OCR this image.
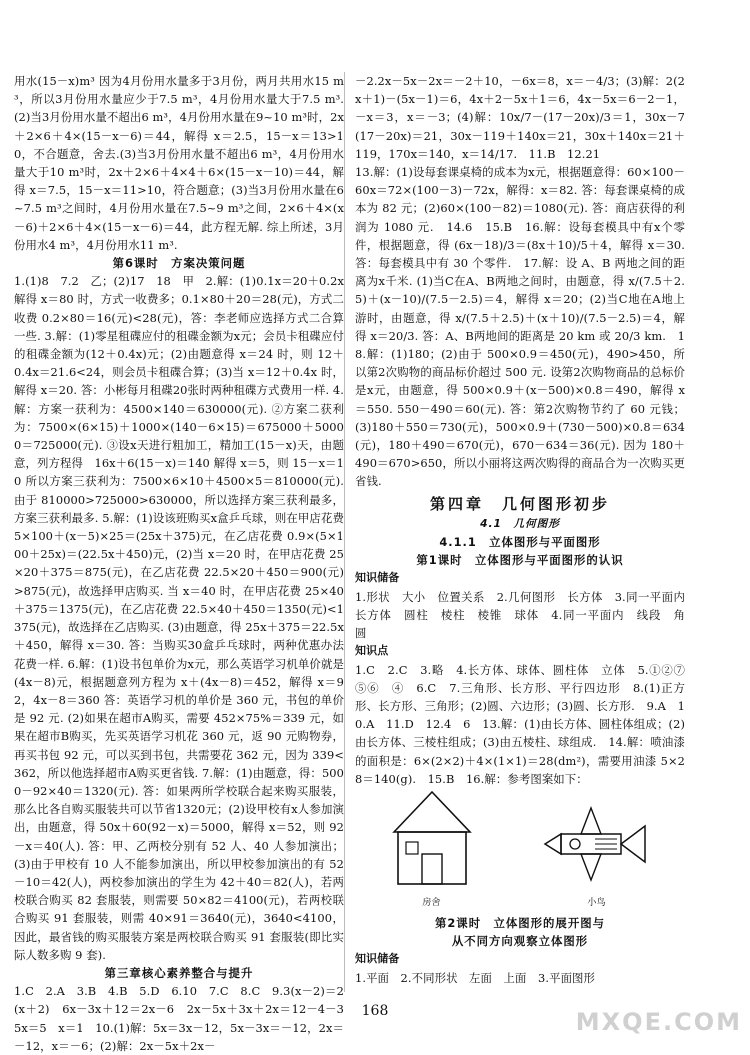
用水(15－x)m³ 因为4月份用水量多于3月份，两月共用水15 m³，所以3月份用水量应少于7.5 m³，4月份用水量大于7.5 m³.(2)当3月份用水量不超出6 m³，4月份用水量在9~10 m³时，2x＋2×6＋4×(15－x－6)＝44，解得 x＝2.5，15－x＝13>10，不合题意，舍去.(3)当3月份用水量不超出6 m³，4月份用水量大于10 m³时，2x＋2×6＋4×4＋6×(15－x－10)＝44，解得 x＝7.5，15－x＝11>10，符合题意；(3)当3月份用水量在6~7.5 m³之间时，4月份用水量在7.5~9 m³之间，2×6＋4×(x－6)＋2×6＋4×(15－x－6)＝44，此方程无解. 综上所述，3月份用水4 m³，4月份用水11 m³.

第6课时　方案决策问题

1.(1)8　7.2　乙；(2)17　18　甲　2.解：(1)0.1x＝20＋0.2x解得 x＝80 时，方式一收费多；0.1×80＋20＝28(元)，方式二收费 0.2×80＝16(元)<28(元)，答：李老师应选择方式二合算一些. 3.解：(1)零星租碟应付的租碟金额为x元；会员卡租碟应付的租碟金额为(12＋0.4x)元；(2)由题意得 x＝24 时，则 12＋0.4x＝21.6<24，则会员卡租碟合算；(3)当 x＝12＋0.4x 时，解得 x＝20. 答：小彬每月租碟20张时两种租碟方式费用一样. 4.解：方案一获利为：4500×140＝630000(元). ②方案二获利为：7500×(6×15)＋1000×(140－6×15)＝675000＋50000＝725000(元). ③设x天进行粗加工，精加工(15－x)天，由题意，列方程得　16x＋6(15－x)＝140 解得 x＝5，则 15－x＝10 所以方案三获利为：7500×6×10＋4500×5＝810000(元). 由于 810000>725000>630000，所以选择方案三获利最多，方案三获利最多. 5.解：(1)设该班购买x盒乒乓球，则在甲店花费 5×100＋(x－5)×25＝(25x＋375)元，在乙店花费 0.9×(5×100＋25x)＝(22.5x＋450)元，(2)当 x＝20 时，在甲店花费 25×20＋375＝875(元)，在乙店花费 22.5×20＋450＝900(元)>875(元)，故选择甲店购买. 当 x＝40 时，在甲店花费 25×40＋375＝1375(元)，在乙店花费 22.5×40＋450＝1350(元)<1375(元)，故选择在乙店购买. (3)由题意，得 25x＋375＝22.5x＋450，解得 x＝30. 答：当购买30盒乒乓球时，两种优惠办法花费一样. 6.解：(1)设书包单价为x元，那么英语学习机单价就是(4x－8)元，根据题意列方程为 x＋(4x－8)＝452，解得 x＝92，4x－8＝360 答：英语学习机的单价是 360 元，书包的单价是 92 元. (2)如果在超市A购买，需要 452×75%＝339 元，如果在超市B购买，先买英语学习机花 360 元，返 90 元购物券，再买书包 92 元，可以买到书包，共需要花 362 元，因为 339<362，所以他选择超市A购买更省钱. 7.解：(1)由题意，得：5000－92×40＝1320(元). 答：如果两所学校联合起来购买服装，那么比各自购买服装共可以节省1320元；(2)设甲校有x人参加演出，由题意，得 50x＋60(92－x)＝5000，解得 x＝52，则 92－x＝40(人). 答：甲、乙两校分别有 52 人、40 人参加演出；(3)由于甲校有 10 人不能参加演出，所以甲校参加演出的有 52－10＝42(人)，两校参加演出的学生为 42＋40＝82(人)，若两校联合购买 82 套服装，则需要 50×82＝4100(元)，若两校联合购买 91 套服装，则需 40×91＝3640(元)，3640<4100，因此，最省钱的购买服装方案是两校联合购买 91 套服装(即比实际人数多购 9 套).

第三章核心素养整合与提升

1.C　2.A　3.B　4.B　5.D　6.10　7.C　8.C　9.3(x－2)＝2(x＋2)　6x－3x＋12＝2x－6　2x－5x＋3x＋2x＝12－4－3　5x＝5　x＝1　10.(1)解：5x＝3x－12，5x－3x＝－12，2x＝－12，x＝－6；(2)解：2x－5x＋2x－

－2.2x－5x－2x＝－2＋10，－6x＝8，x＝－4/3；(3)解：2(2x＋1)－(5x－1)＝6，4x＋2－5x＋1＝6，4x－5x＝6－2－1，－x＝3，x＝－3；(4)解：10x/7－(17－20x)/3＝1，30x－7(17－20x)＝21，30x－119＋140x＝21，30x＋140x＝21＋119，170x＝140，x＝14/17.　11.B　12.21

13.解：(1)设每套课桌椅的成本为x元，根据题意得：60×100－60x＝72×(100－3)－72x，解得：x＝82. 答：每套课桌椅的成本为 82 元；(2)60×(100－82)＝1080(元). 答：商店获得的利润为 1080 元.　14.6　15.B　16.解：设每套模具中有x个零件，根据题意，得 (6x－18)/3＝(8x＋10)/5＋4，解得 x＝30. 答：每套模具中有 30 个零件.　17.解：设 A、B 两地之间的距离为x千米. (1)当C在A、B两地之间时，由题意，得 x/(7.5＋2.5)＋(x－10)/(7.5－2.5)＝4，解得 x＝20；(2)当C地在A地上游时，由题意，得 x/(7.5＋2.5)＋(x＋10)/(7.5－2.5)＝4，解得 x＝20/3. 答：A、B两地间的距离是 20 km 或 20/3 km.　18.解：(1)180；(2)由于 500×0.9＝450(元)，490>450，所以第2次购物的商品标价超过 500 元. 设第2次购物商品的总标价是x元，由题意，得 500×0.9＋(x－500)×0.8＝490，解得 x＝550. 550－490＝60(元). 答：第2次购物节约了 60 元钱；(3)180＋550＝730(元)，500×0.9＋(730－500)×0.8＝634(元)，180＋490＝670(元)，670－634＝36(元). 因为 180＋490＝670>650，所以小丽将这两次购得的商品合为一次购买更省钱.

第四章　几何图形初步

4.1　几何图形

4.1.1　立体图形与平面图形

第1课时　立体图形与平面图形的认识

知识储备

1.形状　大小　位置关系　2.几何图形　长方体　3.同一平面内　长方体　圆柱　棱柱　棱锥　球体　4.同一平面内　线段　角　圆

知识点

1.C　2.C　3.略　4.长方体、球体、圆柱体　立体　5.①②⑦　⑤⑥　④　6.C　7.三角形、长方形、平行四边形　8.(1)正方形、长方形、三角形；(2)圆、六边形；(3)圆、长方形.　9.A　10.A　11.D　12.4　6　13.解：(1)由长方体、圆柱体组成；(2)由长方体、三棱柱组成；(3)由五棱柱、球组成.　14.解：喷油漆的面积是：6×(2×2)＋4×(1×1)＝28(dm²)，需要用油漆 5×28＝140(g).　15.B　16.解：参考图案如下：

房舍	小鸟

第2课时　立体图形的展开图与

从不同方向观察立体图形

知识储备

1.平面　2.不同形状　左面　上面　3.平面图形

168	MXQE.COM
